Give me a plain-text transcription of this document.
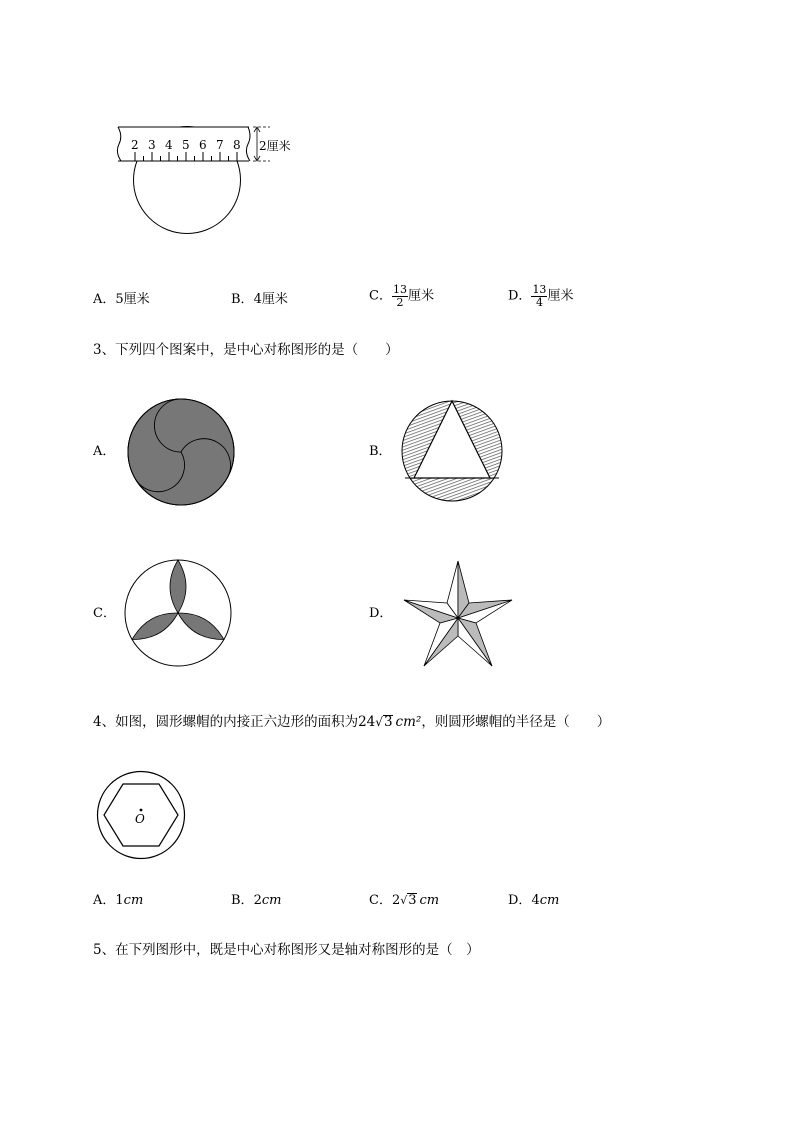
2 3 4 5 6 7 8 2厘米
A．5厘米	B．4厘米	C． $\frac{13}{2}$ 厘米	D． $\frac{13}{4}$ 厘米
3、下列四个图案中，是中心对称图形的是（　　）
A．	B．
C．	D．
4、如图，圆形螺帽的内接正六边形的面积为24√3 cm²，则圆形螺帽的半径是（　　）
O
A．1cm	B．2cm	C．2√3 cm	D．4cm
5、在下列图形中，既是中心对称图形又是轴对称图形的是（　）
